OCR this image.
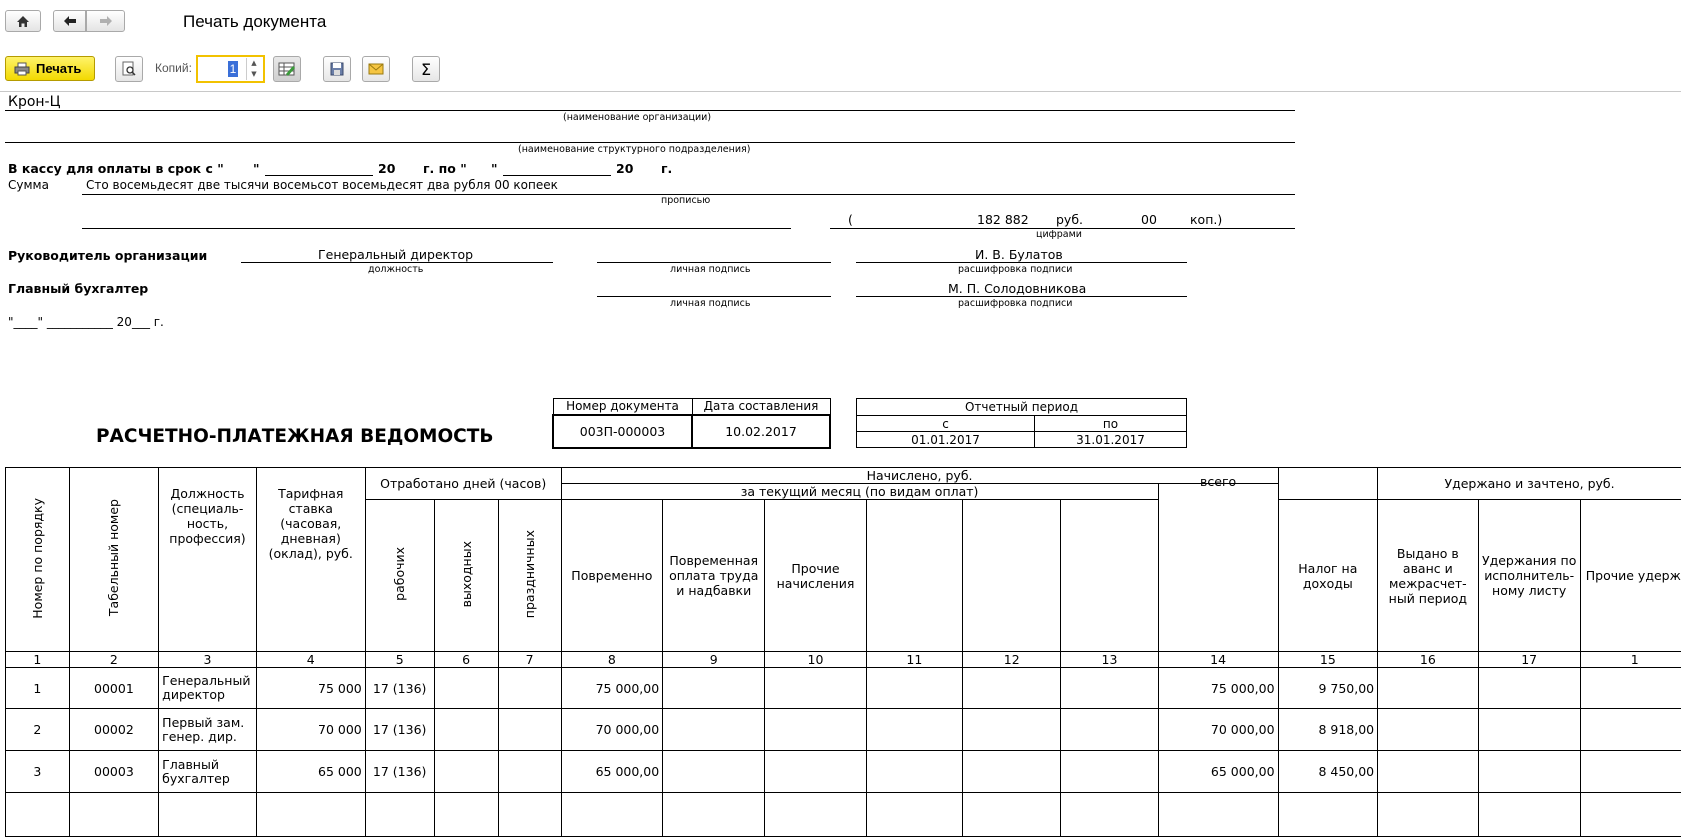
Печать документа
Печать	Копий:	1	▲
▼	Σ
Крон-Ц
(наименование организации)
(наименование структурного подразделения)
В кассу для оплаты в срок с " "	20 г. по " "	20 г.
Сумма	Сто восемьдесят две тысячи восемьсот восемьдесят два рубля 00 копеек
прописью
(	182 882 руб.	00	коп.)
цифрами
Руководитель организации	Генеральный директор
должность	личная подпись
И. В. Булатов
расшифровка подписи
Главный бухгалтер
личная подпись
М. П. Солодовникова
расшифровка подписи
"____" ___________ 20___ г.
РАСЧЕТНО-ПЛАТЕЖНАЯ ВЕДОМОСТЬ
Номер документа	Дата составления
003П-000003	10.02.2017
Отчетный период	
с	по
01.01.2017	31.01.2017
Номер по порядку	Табельный номер	Должность (специаль-ность, профессия)	Тарифная ставка (часовая, дневная) (оклад), руб.	Отработано дней (часов)			Начислено, руб.								Удержано и зачтено, руб.		
							за текущий месяц (по видам оплат)										
				рабочих	выходных	праздничных	Повременно	Повременная оплата труда и надбавки	Прочие начисления				всего	Налог на доходы	Выдано в аванс и межрасчет-ный период	Удержания по исполнитель-ному листу	Прочие удерж
1	2	3	4	5	6	7	8	9	10	11	12	13	14	15	16	17	1
1	00001	Генеральный директор	75 000	17 (136)			75 000,00						75 000,00	9 750,00			
2	00002	Первый зам. генер. дир.	70 000	17 (136)			70 000,00						70 000,00	8 918,00			
3	00003	Главный бухгалтер	65 000	17 (136)			65 000,00						65 000,00	8 450,00			
